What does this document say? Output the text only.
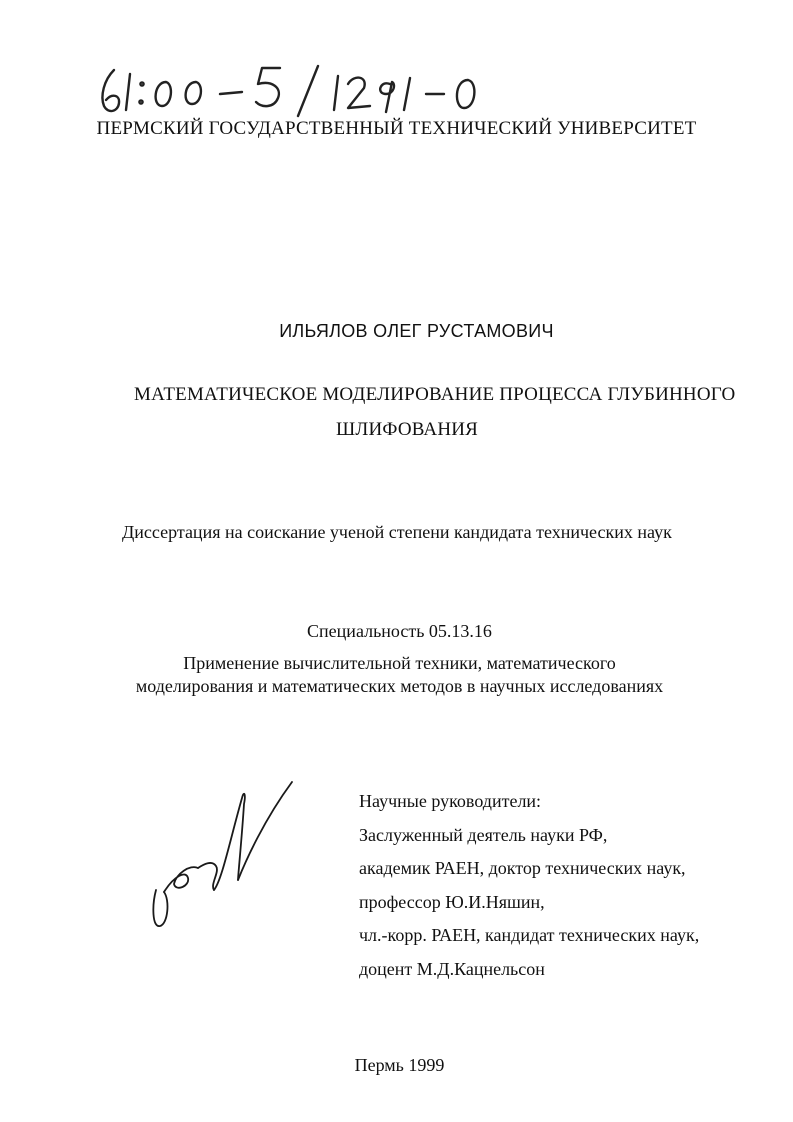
ПЕРМСКИЙ ГОСУДАРСТВЕННЫЙ ТЕХНИЧЕСКИЙ УНИВЕРСИТЕТ
ИЛЬЯЛОВ ОЛЕГ РУСТАМОВИЧ
МАТЕМАТИЧЕСКОЕ МОДЕЛИРОВАНИЕ ПРОЦЕССА ГЛУБИННОГО
ШЛИФОВАНИЯ
Диссертация на соискание ученой степени кандидата технических наук
Специальность 05.13.16
Применение вычислительной техники, математического
моделирования и математических методов в научных исследованиях
Научные руководители:
Заслуженный деятель науки РФ,
академик РАЕН, доктор технических наук,
профессор Ю.И.Няшин,
чл.-корр. РАЕН, кандидат технических наук,
доцент М.Д.Кацнельсон
Пермь 1999
